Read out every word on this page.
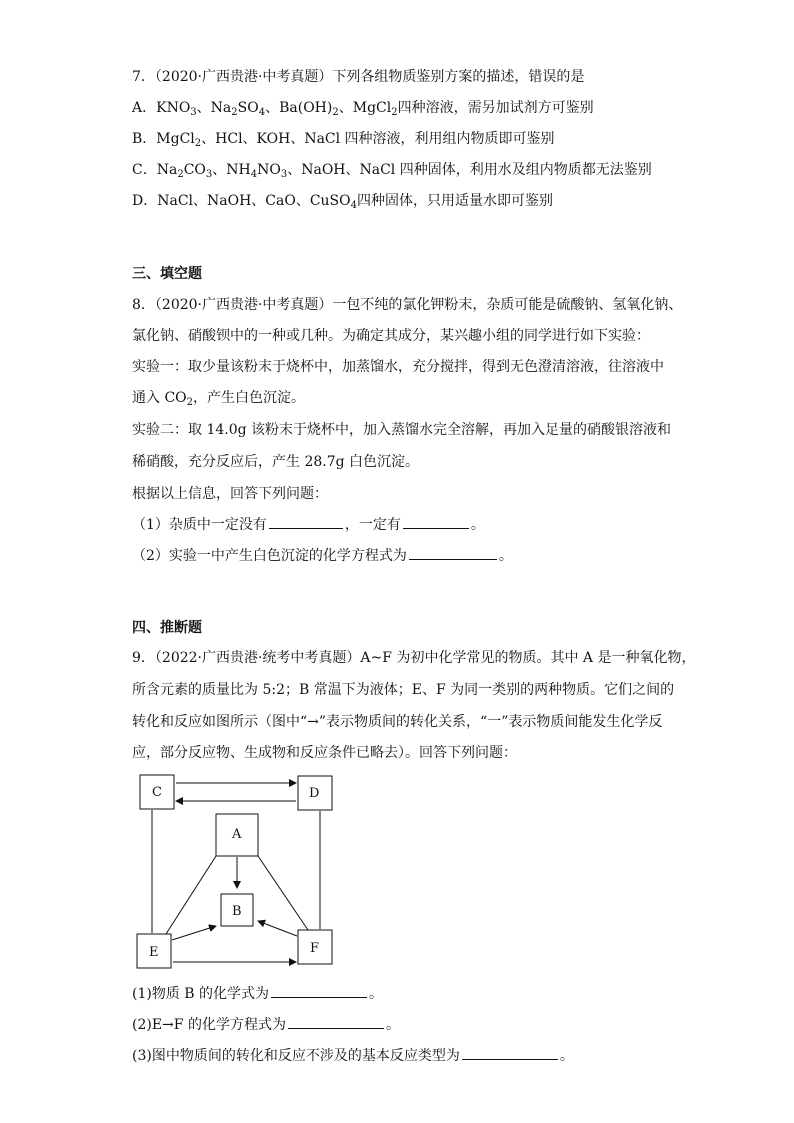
7．（2020·广西贵港·中考真题）下列各组物质鉴别方案的描述，错误的是
A．$KNO_3$、$Na_2SO_4$、$Ba(OH)_2$、MgCl$_2$四种溶液，需另加试剂方可鉴别
B．MgCl$_2$、HCl、KOH、NaCl 四种溶液，利用组内物质即可鉴别
C．$Na_2CO_3$、$NH_4NO_3$、NaOH、NaCl 四种固体，利用水及组内物质都无法鉴别
D．NaCl、NaOH、CaO、CuSO$_4$四种固体，只用适量水即可鉴别
三、填空题
8．（2020·广西贵港·中考真题）一包不纯的氯化钾粉末，杂质可能是硫酸钠、氢氧化钠、
氯化钠、硝酸钡中的一种或几种。为确定其成分，某兴趣小组的同学进行如下实验：
实验一：取少量该粉末于烧杯中，加蒸馏水，充分搅拌，得到无色澄清溶液，往溶液中
通入 $CO_2$，产生白色沉淀。
实验二：取 14.0g 该粉末于烧杯中，加入蒸馏水完全溶解，再加入足量的硝酸银溶液和
稀硝酸，充分反应后，产生 28.7g 白色沉淀。
根据以上信息，回答下列问题：
（1）杂质中一定没有	，一定有	。
（2）实验一中产生白色沉淀的化学方程式为	。
四、推断题
9．（2022·广西贵港·统考中考真题）A~F 为初中化学常见的物质。其中 A 是一种氧化物，
所含元素的质量比为 5:2；B 常温下为液体；E、F 为同一类别的两种物质。它们之间的
转化和反应如图所示（图中“→”表示物质间的转化关系，“一”表示物质间能发生化学反
应，部分反应物、生成物和反应条件已略去）。回答下列问题：
C	D
A
B
E	F
(1)物质 B 的化学式为	。
(2)E→F 的化学方程式为	。
(3)图中物质间的转化和反应不涉及的基本反应类型为	。
